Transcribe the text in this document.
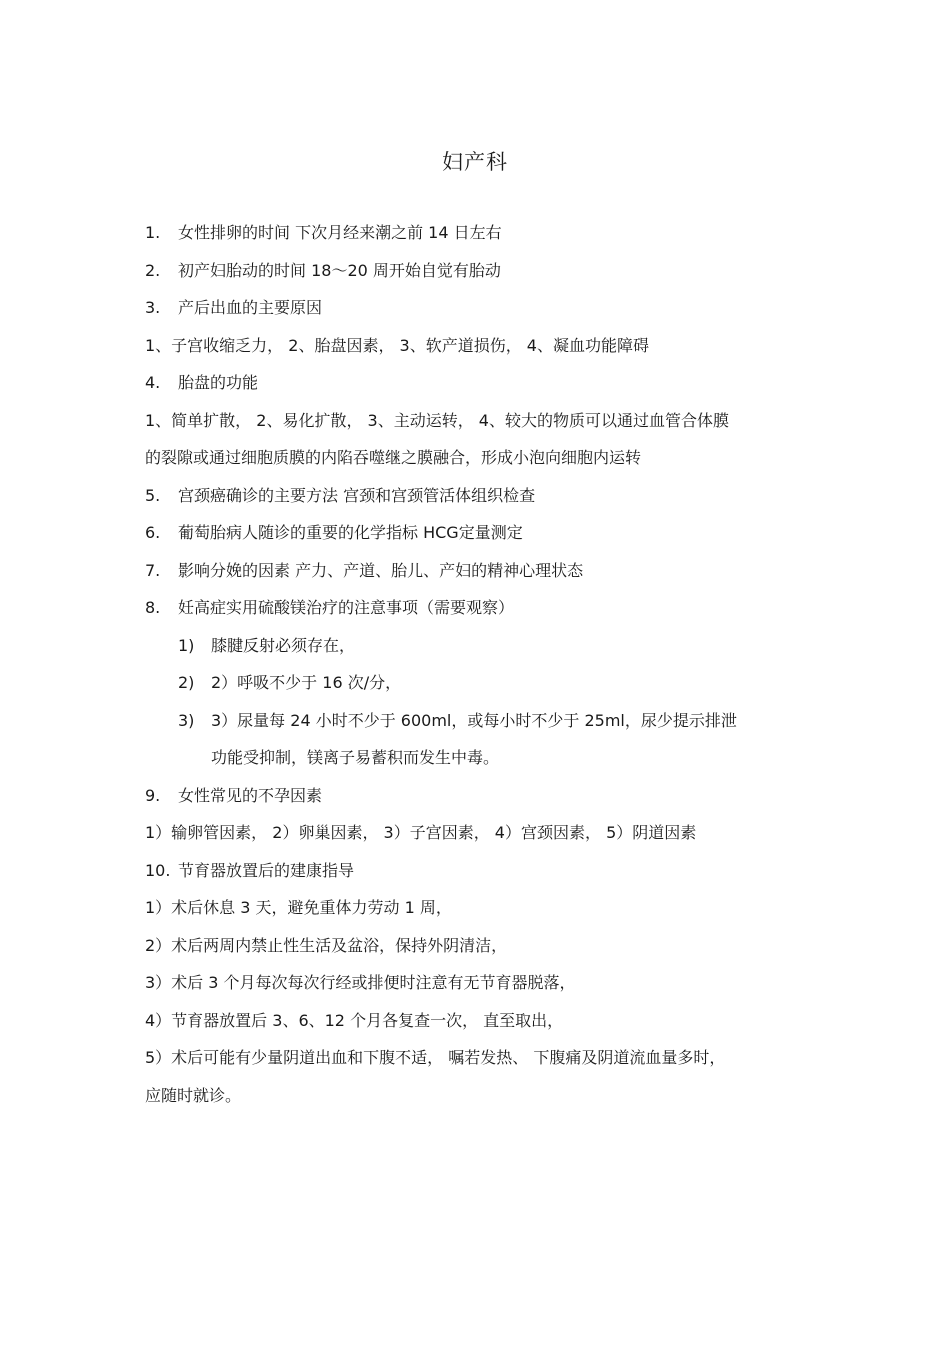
妇产科
1. 女性排卵的时间 下次月经来潮之前 14 日左右
2. 初产妇胎动的时间 18～20 周开始自觉有胎动
3. 产后出血的主要原因
1、子宫收缩乏力， 2、胎盘因素， 3、软产道损伤， 4、凝血功能障碍
4. 胎盘的功能
1、简单扩散， 2、易化扩散， 3、主动运转， 4、较大的物质可以通过血管合体膜
的裂隙或通过细胞质膜的内陷吞噬继之膜融合，形成小泡向细胞内运转
5. 宫颈癌确诊的主要方法 宫颈和宫颈管活体组织检查
6. 葡萄胎病人随诊的重要的化学指标 HCG定量测定
7. 影响分娩的因素 产力、产道、胎儿、产妇的精神心理状态
8. 妊高症实用硫酸镁治疗的注意事项（需要观察）
1) 膝腱反射必须存在，
2) 2）呼吸不少于 16 次/分，
3) 3）尿量每 24 小时不少于 600ml，或每小时不少于 25ml，尿少提示排泄
功能受抑制，镁离子易蓄积而发生中毒。
9. 女性常见的不孕因素
1）输卵管因素， 2）卵巢因素， 3）子宫因素， 4）宫颈因素， 5）阴道因素
10. 节育器放置后的建康指导
1）术后休息 3 天，避免重体力劳动 1 周，
2）术后两周内禁止性生活及盆浴，保持外阴清洁，
3）术后 3 个月每次每次行经或排便时注意有无节育器脱落，
4）节育器放置后 3、6、12 个月各复查一次， 直至取出，
5）术后可能有少量阴道出血和下腹不适， 嘱若发热、 下腹痛及阴道流血量多时，
应随时就诊。
